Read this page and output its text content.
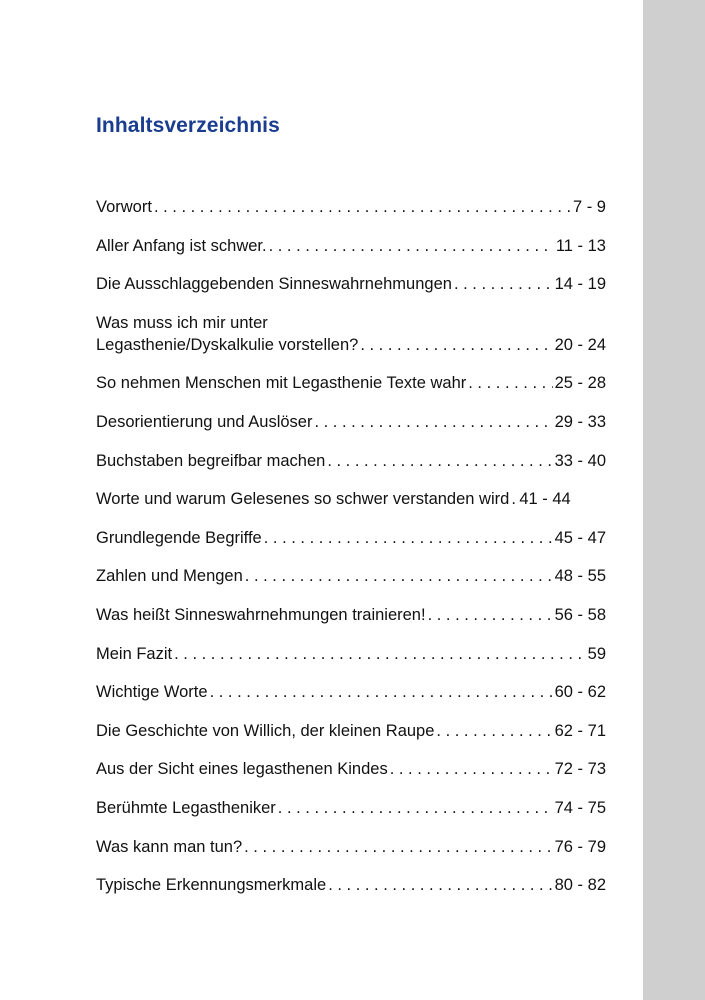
Inhaltsverzeichnis
Vorwort . . .	7 - 9
Aller Anfang ist schwer. . . .	11 - 13
Die Ausschlaggebenden Sinneswahrnehmungen . . .	14 - 19
Was muss ich mir unter
Legasthenie/Dyskalkulie vorstellen? . . .	20 - 24
So nehmen Menschen mit Legasthenie Texte wahr . . .	25 - 28
Desorientierung und Auslöser . . .	29 - 33
Buchstaben begreifbar machen . . .	33 - 40
Worte und warum Gelesenes so schwer verstanden wird . . . 41 - 44
Grundlegende Begriffe . . .	45 - 47
Zahlen und Mengen . . .	48 - 55
Was heißt Sinneswahrnehmungen trainieren! . . .	56 - 58
Mein Fazit . . .	59
Wichtige Worte . . .	60 - 62
Die Geschichte von Willich, der kleinen Raupe . . .	62 - 71
Aus der Sicht eines legasthenen Kindes . . .	72 - 73
Berühmte Legastheniker . . .	74 - 75
Was kann man tun? . . .	76 - 79
Typische Erkennungsmerkmale . . .	80 - 82
